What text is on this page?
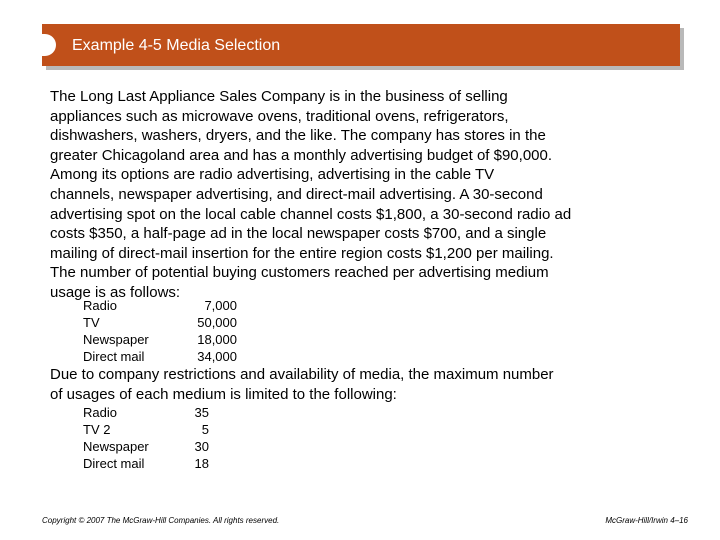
Example 4-5 Media Selection

The Long Last Appliance Sales Company is in the business of selling
appliances such as microwave ovens, traditional ovens, refrigerators,
dishwashers, washers, dryers, and the like. The company has stores in the
greater Chicagoland area and has a monthly advertising budget of $90,000.
Among its options are radio advertising, advertising in the cable TV
channels, newspaper advertising, and direct-mail advertising. A 30-second
advertising spot on the local cable channel costs $1,800, a 30-second radio ad
costs $350, a half-page ad in the local newspaper costs $700, and a single
mailing of direct-mail insertion for the entire region costs $1,200 per mailing.
The number of potential buying customers reached per advertising medium
usage is as follows:

Radio	7,000
TV	50,000
Newspaper	18,000
Direct mail	34,000

Due to company restrictions and availability of media, the maximum number
of usages of each medium is limited to the following:

Radio	35
TV 2	5
Newspaper	30
Direct mail	18
Copyright © 2007 The McGraw-Hill Companies. All rights reserved.	McGraw-Hill/Irwin 4–16
